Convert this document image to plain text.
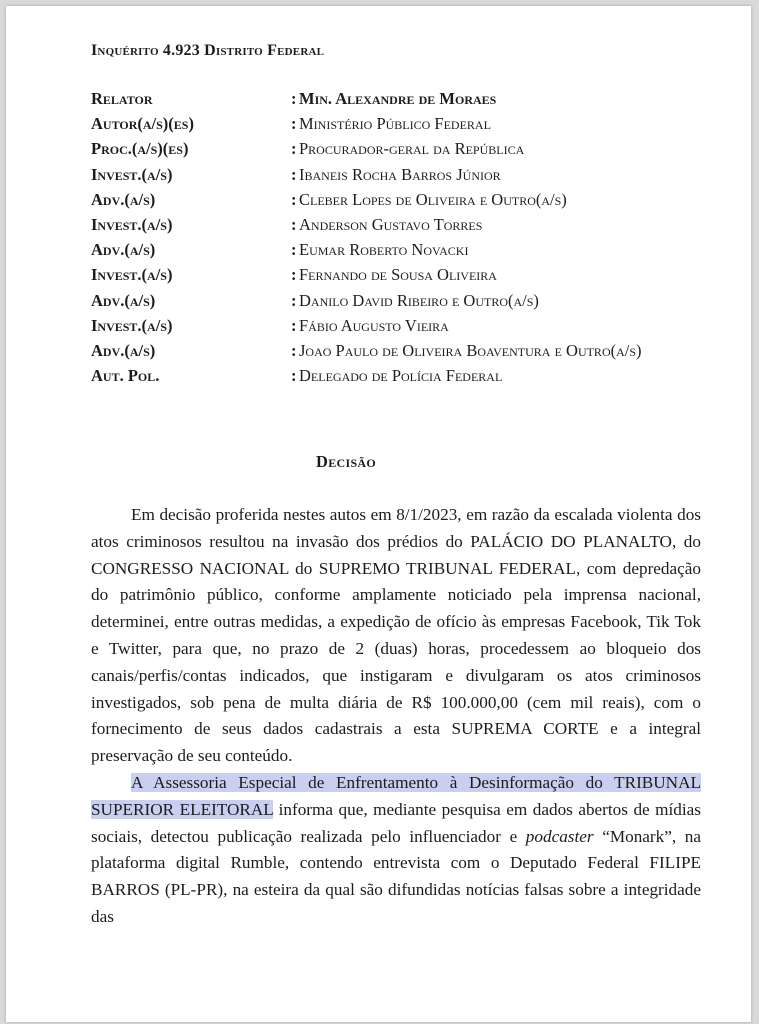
Inquérito 4.923 Distrito Federal
Relator	: Min. Alexandre de Moraes
Autor(a/s)(es)	: Ministério Público Federal
Proc.(a/s)(es)	: Procurador-geral da República
Invest.(a/s)	: Ibaneis Rocha Barros Júnior
Adv.(a/s)	: Cleber Lopes de Oliveira e Outro(a/s)
Invest.(a/s)	: Anderson Gustavo Torres
Adv.(a/s)	: Eumar Roberto Novacki
Invest.(a/s)	: Fernando de Sousa Oliveira
Adv.(a/s)	: Danilo David Ribeiro e Outro(a/s)
Invest.(a/s)	: Fábio Augusto Vieira
Adv.(a/s)	: Joao Paulo de Oliveira Boaventura e Outro(a/s)
Aut. Pol.	: Delegado de Polícia Federal
Decisão

Em decisão proferida nestes autos em 8/1/2023, em razão da escalada violenta dos atos criminosos resultou na invasão dos prédios do PALÁCIO DO PLANALTO, do CONGRESSO NACIONAL do SUPREMO TRIBUNAL FEDERAL, com depredação do patrimônio público, conforme amplamente noticiado pela imprensa nacional, determinei, entre outras medidas, a expedição de ofício às empresas Facebook, Tik Tok e Twitter, para que, no prazo de 2 (duas) horas, procedessem ao bloqueio dos canais/perfis/contas indicados, que instigaram e divulgaram os atos criminosos investigados, sob pena de multa diária de R$ 100.000,00 (cem mil reais), com o fornecimento de seus dados cadastrais a esta SUPREMA CORTE e a integral preservação de seu conteúdo.

A Assessoria Especial de Enfrentamento à Desinformação do TRIBUNAL SUPERIOR ELEITORAL informa que, mediante pesquisa em dados abertos de mídias sociais, detectou publicação realizada pelo influenciador e podcaster “Monark”, na plataforma digital Rumble, contendo entrevista com o Deputado Federal FILIPE BARROS (PL-PR), na esteira da qual são difundidas notícias falsas sobre a integridade das
